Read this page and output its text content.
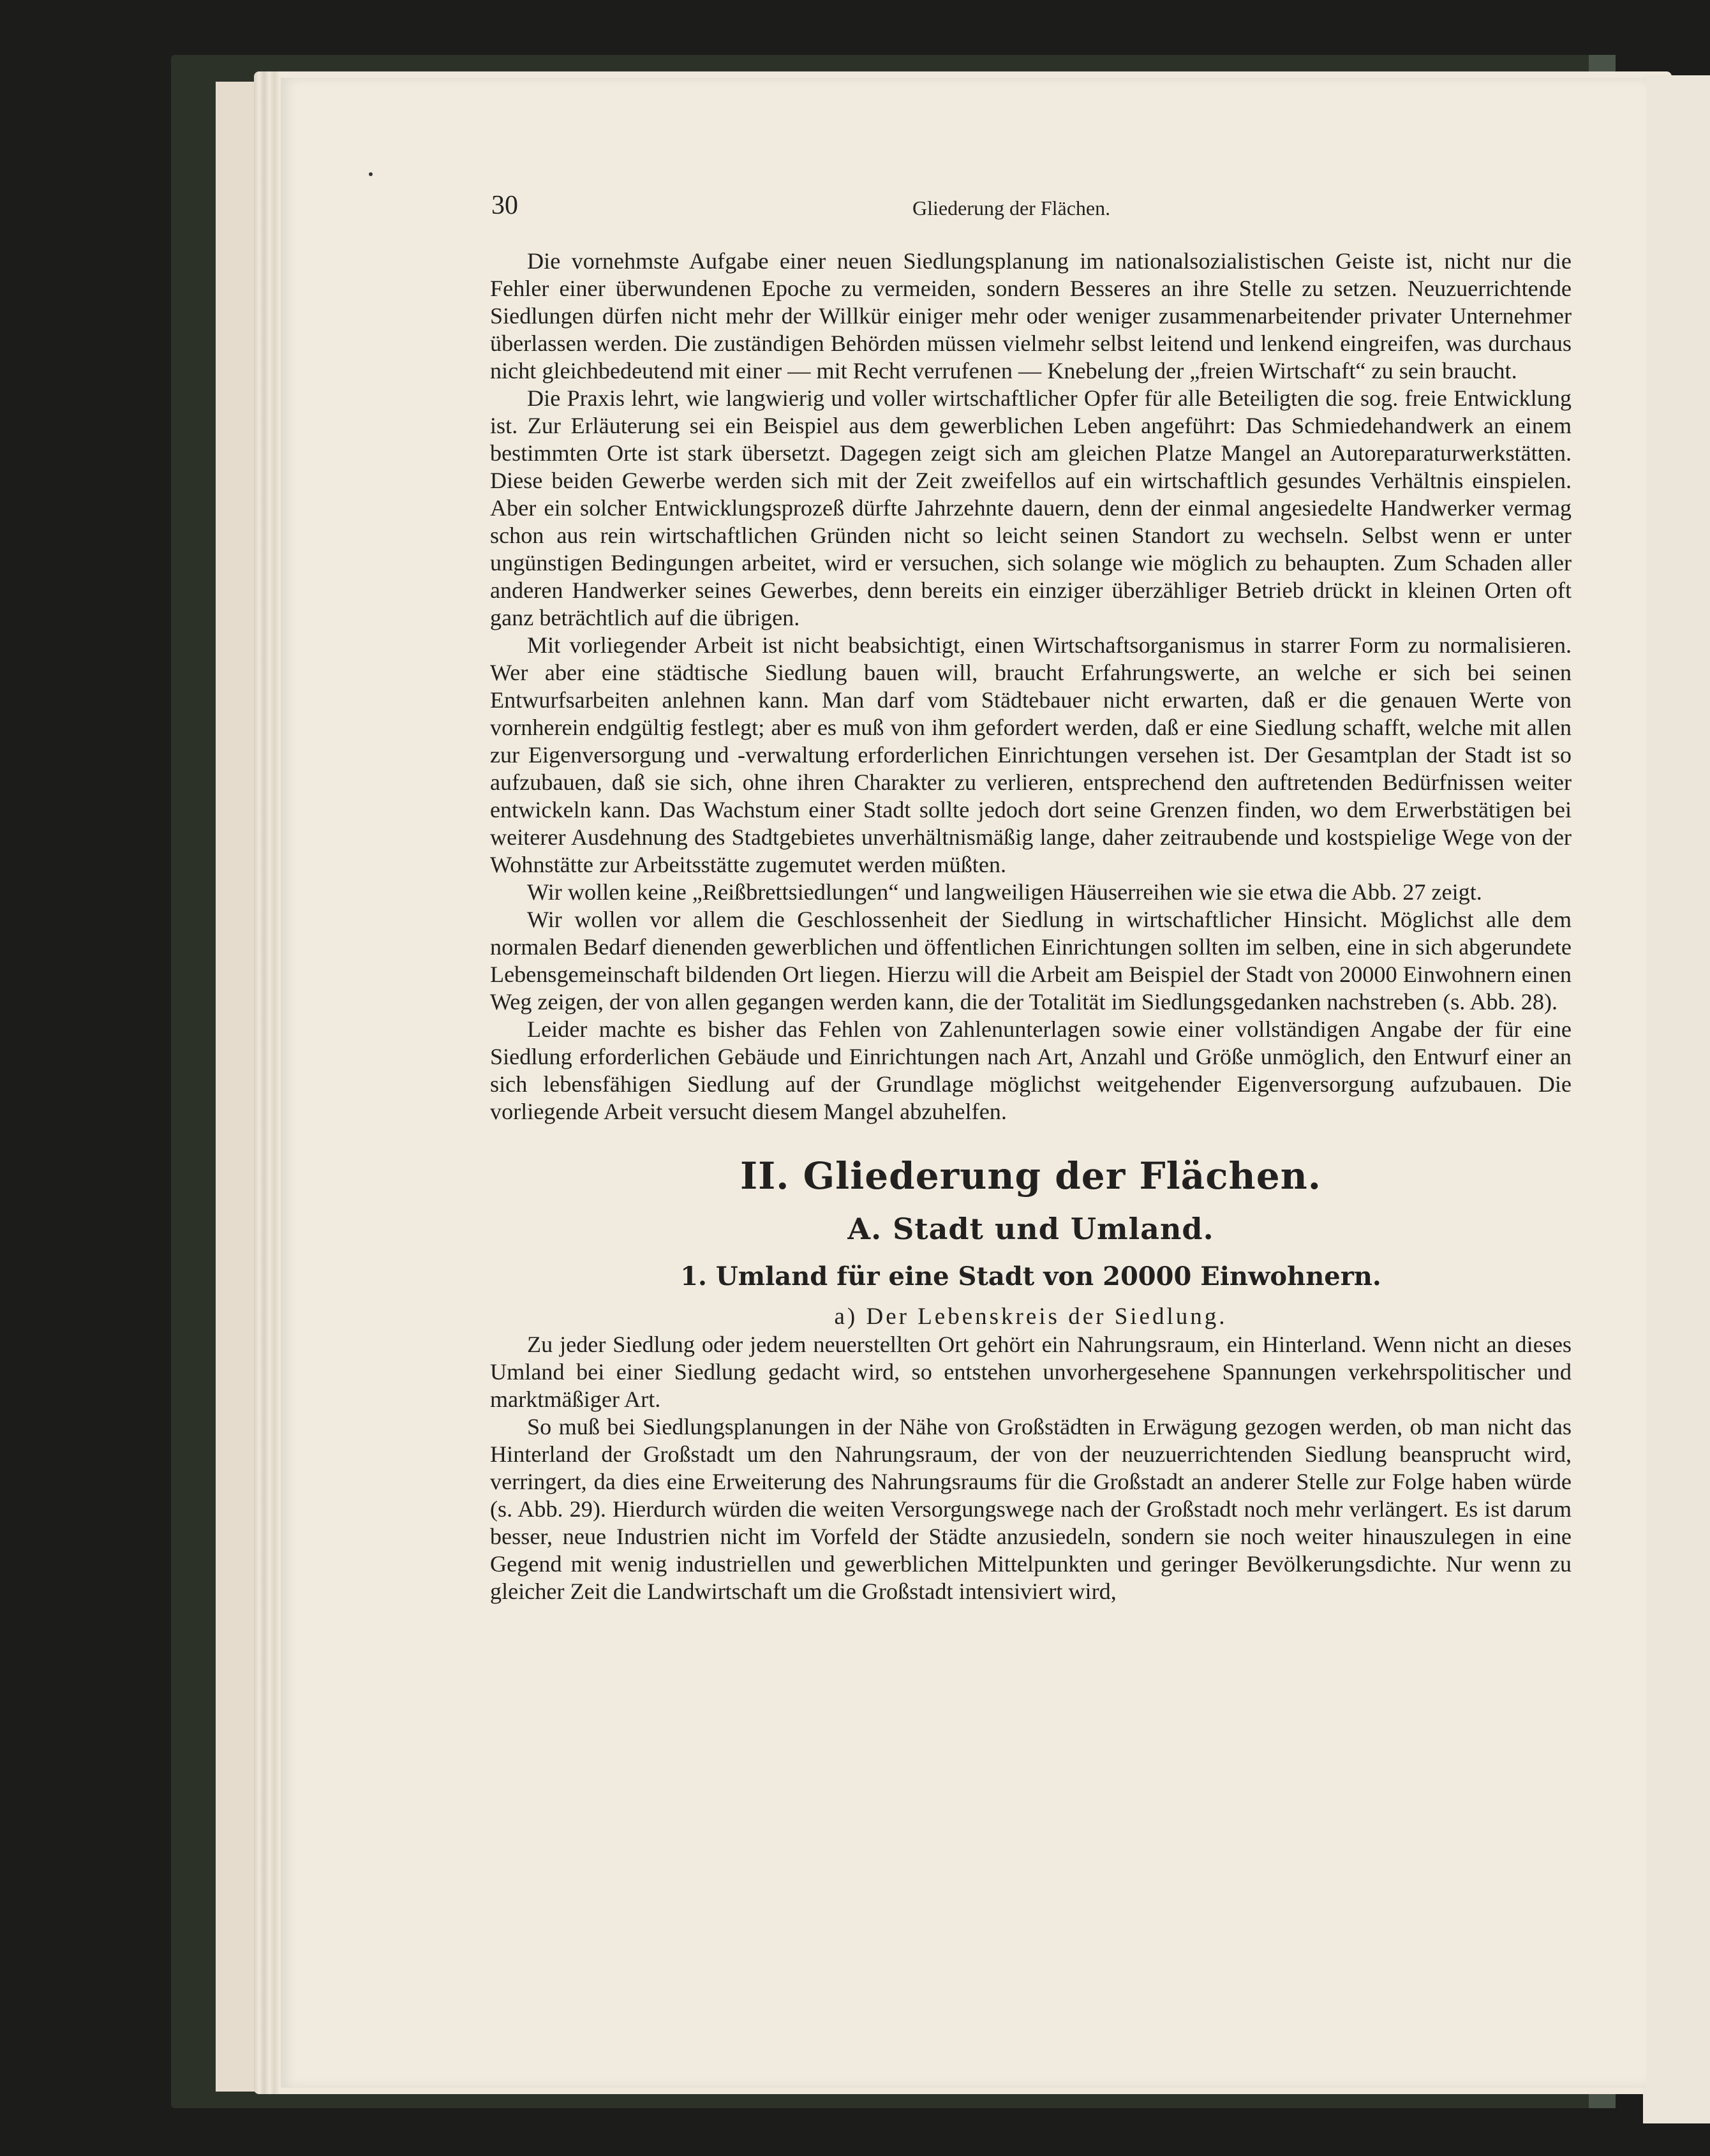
30	Gliederung der Flächen.

Die vornehmste Aufgabe einer neuen Siedlungsplanung im nationalsozialistischen Geiste ist, nicht nur die Fehler einer überwundenen Epoche zu vermeiden, sondern Besseres an ihre Stelle zu setzen. Neuzuerrichtende Siedlungen dürfen nicht mehr der Willkür einiger mehr oder weniger zusammenarbeitender privater Unternehmer überlassen werden. Die zuständigen Behörden müssen vielmehr selbst leitend und lenkend eingreifen, was durchaus nicht gleichbedeutend mit einer — mit Recht verrufenen — Knebelung der „freien Wirtschaft“ zu sein braucht.

Die Praxis lehrt, wie langwierig und voller wirtschaftlicher Opfer für alle Beteiligten die sog. freie Entwicklung ist. Zur Erläuterung sei ein Beispiel aus dem gewerblichen Leben angeführt: Das Schmiedehandwerk an einem bestimmten Orte ist stark übersetzt. Dagegen zeigt sich am gleichen Platze Mangel an Autoreparaturwerkstätten. Diese beiden Gewerbe werden sich mit der Zeit zweifellos auf ein wirtschaftlich gesundes Verhältnis einspielen. Aber ein solcher Entwicklungsprozeß dürfte Jahrzehnte dauern, denn der einmal angesiedelte Handwerker vermag schon aus rein wirtschaftlichen Gründen nicht so leicht seinen Standort zu wechseln. Selbst wenn er unter ungünstigen Bedingungen arbeitet, wird er versuchen, sich solange wie möglich zu behaupten. Zum Schaden aller anderen Handwerker seines Gewerbes, denn bereits ein einziger überzähliger Betrieb drückt in kleinen Orten oft ganz beträchtlich auf die übrigen.

Mit vorliegender Arbeit ist nicht beabsichtigt, einen Wirtschaftsorganismus in starrer Form zu normalisieren. Wer aber eine städtische Siedlung bauen will, braucht Erfahrungswerte, an welche er sich bei seinen Entwurfsarbeiten anlehnen kann. Man darf vom Städtebauer nicht erwarten, daß er die genauen Werte von vornherein endgültig festlegt; aber es muß von ihm gefordert werden, daß er eine Siedlung schafft, welche mit allen zur Eigenversorgung und -verwaltung erforderlichen Einrichtungen versehen ist. Der Gesamtplan der Stadt ist so aufzubauen, daß sie sich, ohne ihren Charakter zu verlieren, entsprechend den auftretenden Bedürfnissen weiter entwickeln kann. Das Wachstum einer Stadt sollte jedoch dort seine Grenzen finden, wo dem Erwerbstätigen bei weiterer Ausdehnung des Stadtgebietes unverhältnismäßig lange, daher zeitraubende und kostspielige Wege von der Wohnstätte zur Arbeitsstätte zugemutet werden müßten.

Wir wollen keine „Reißbrettsiedlungen“ und langweiligen Häuserreihen wie sie etwa die Abb. 27 zeigt.

Wir wollen vor allem die Geschlossenheit der Siedlung in wirtschaftlicher Hinsicht. Möglichst alle dem normalen Bedarf dienenden gewerblichen und öffentlichen Einrichtungen sollten im selben, eine in sich abgerundete Lebensgemeinschaft bildenden Ort liegen. Hierzu will die Arbeit am Beispiel der Stadt von 20000 Einwohnern einen Weg zeigen, der von allen gegangen werden kann, die der Totalität im Siedlungsgedanken nachstreben (s. Abb. 28).

Leider machte es bisher das Fehlen von Zahlenunterlagen sowie einer vollständigen Angabe der für eine Siedlung erforderlichen Gebäude und Einrichtungen nach Art, Anzahl und Größe unmöglich, den Entwurf einer an sich lebensfähigen Siedlung auf der Grundlage möglichst weitgehender Eigenversorgung aufzubauen. Die vorliegende Arbeit versucht diesem Mangel abzuhelfen.

II. Gliederung der Flächen.
A. Stadt und Umland.
1. Umland für eine Stadt von 20000 Einwohnern.
a) Der Lebenskreis der Siedlung.

Zu jeder Siedlung oder jedem neuerstellten Ort gehört ein Nahrungsraum, ein Hinterland. Wenn nicht an dieses Umland bei einer Siedlung gedacht wird, so entstehen unvorhergesehene Spannungen verkehrspolitischer und marktmäßiger Art.

So muß bei Siedlungsplanungen in der Nähe von Großstädten in Erwägung gezogen werden, ob man nicht das Hinterland der Großstadt um den Nahrungsraum, der von der neuzuerrichtenden Siedlung beansprucht wird, verringert, da dies eine Erweiterung des Nahrungsraums für die Großstadt an anderer Stelle zur Folge haben würde (s. Abb. 29). Hierdurch würden die weiten Versorgungswege nach der Großstadt noch mehr verlängert. Es ist darum besser, neue Industrien nicht im Vorfeld der Städte anzusiedeln, sondern sie noch weiter hinauszulegen in eine Gegend mit wenig industriellen und gewerblichen Mittelpunkten und geringer Bevölkerungsdichte. Nur wenn zu gleicher Zeit die Landwirtschaft um die Großstadt intensiviert wird,
